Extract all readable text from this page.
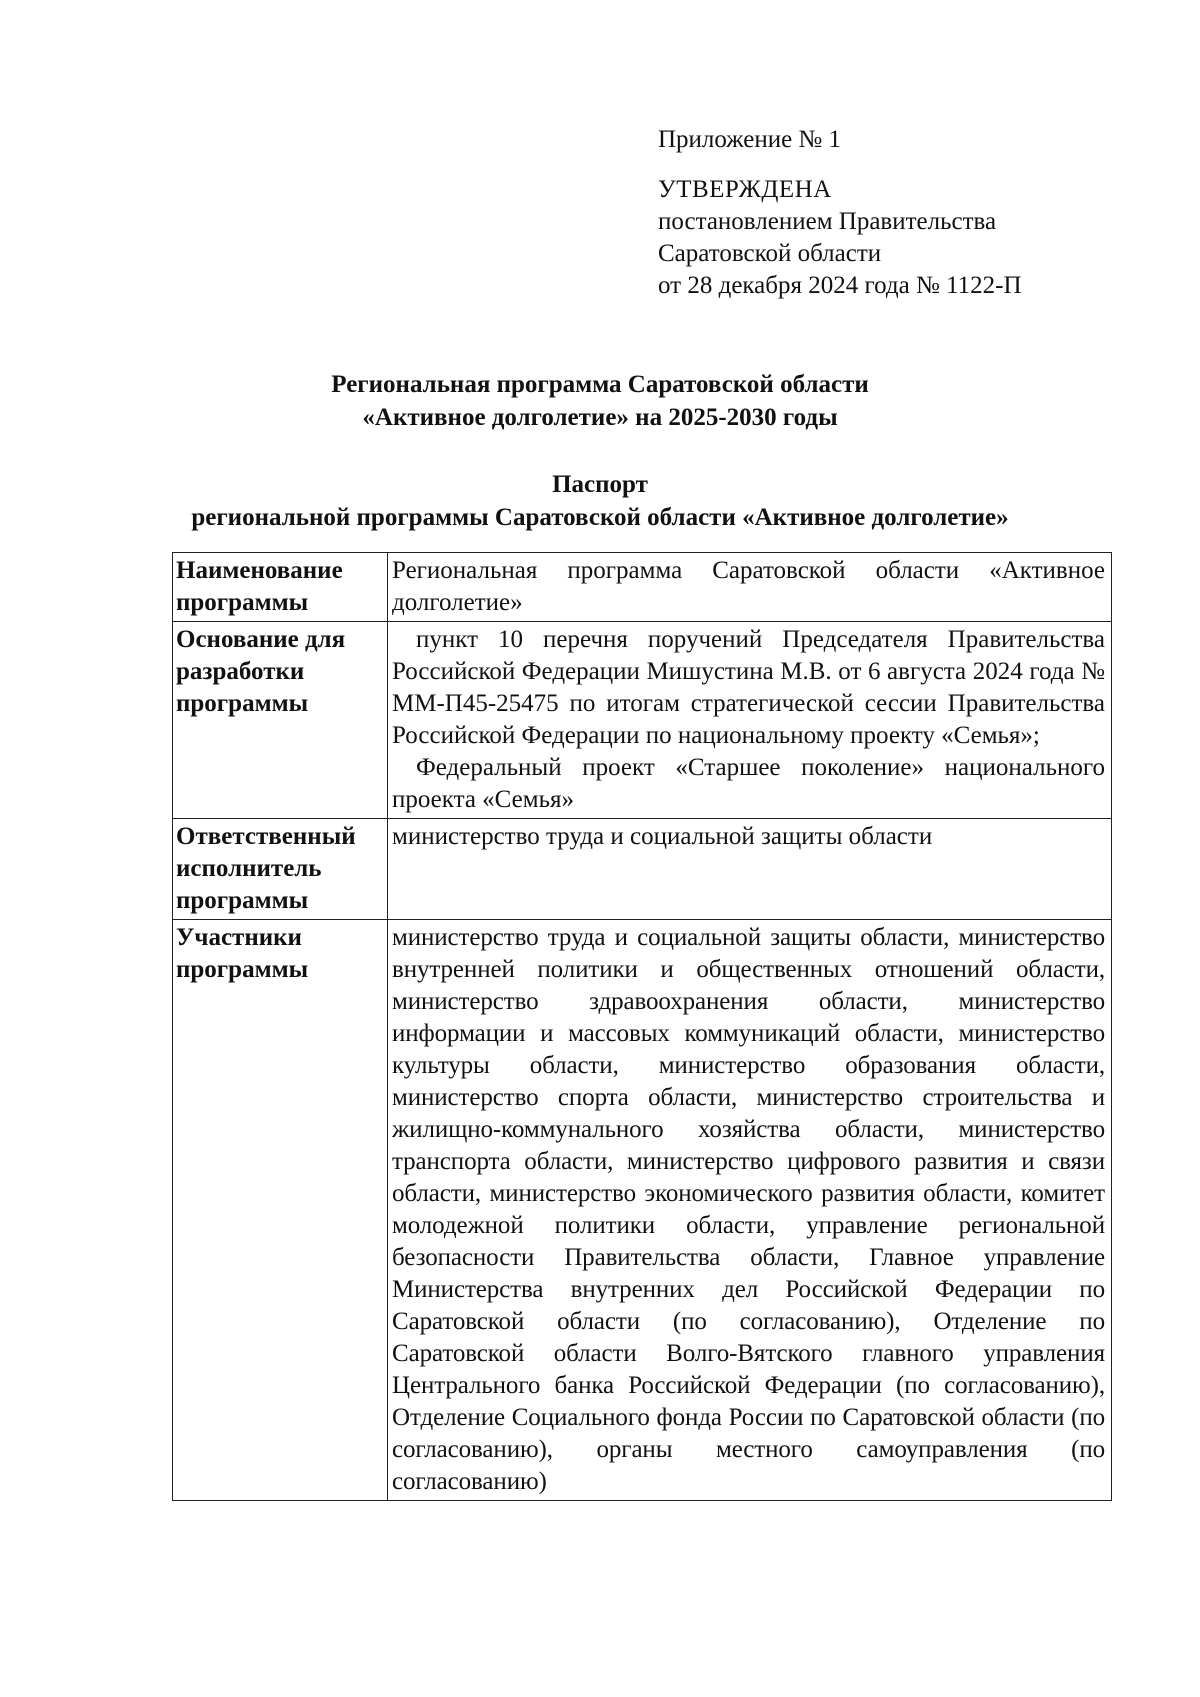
Приложение № 1
УТВЕРЖДЕНА
постановлением Правительства
Саратовской области
от 28 декабря 2024 года № 1122-П
Региональная программа Саратовской области
«Активное долголетие» на 2025-2030 годы
Паспорт
региональной программы Саратовской области «Активное долголетие»
Наименование программы	Региональная программа Саратовской области «Активное долголетие»
Основание для разработки программы	пункт 10 перечня поручений Председателя Правительства Российской Федерации Мишустина М.В. от 6 августа 2024 года № ММ-П45-25475 по итогам стратегической сессии Правительства Российской Федерации по национальному проекту «Семья»;
Федеральный проект «Старшее поколение» национального проекта «Семья»

Ответственный исполнитель программы	министерство труда и социальной защиты области
Участники программы	министерство труда и социальной защиты области, министерство внутренней политики и общественных отношений области, министерство здравоохранения области, министерство информации и массовых коммуникаций области, министерство культуры области, министерство образования области, министерство спорта области, министерство строительства и жилищно-коммунального хозяйства области, министерство транспорта области, министерство цифрового развития и связи области, министерство экономического развития области, комитет молодежной политики области, управление региональной безопасности Правительства области, Главное управление Министерства внутренних дел Российской Федерации по Саратовской области (по согласованию), Отделение по Саратовской области Волго-Вятского главного управления Центрального банка Российской Федерации (по согласованию), Отделение Социального фонда России по Саратовской области (по согласованию), органы местного самоуправления (по согласованию)
